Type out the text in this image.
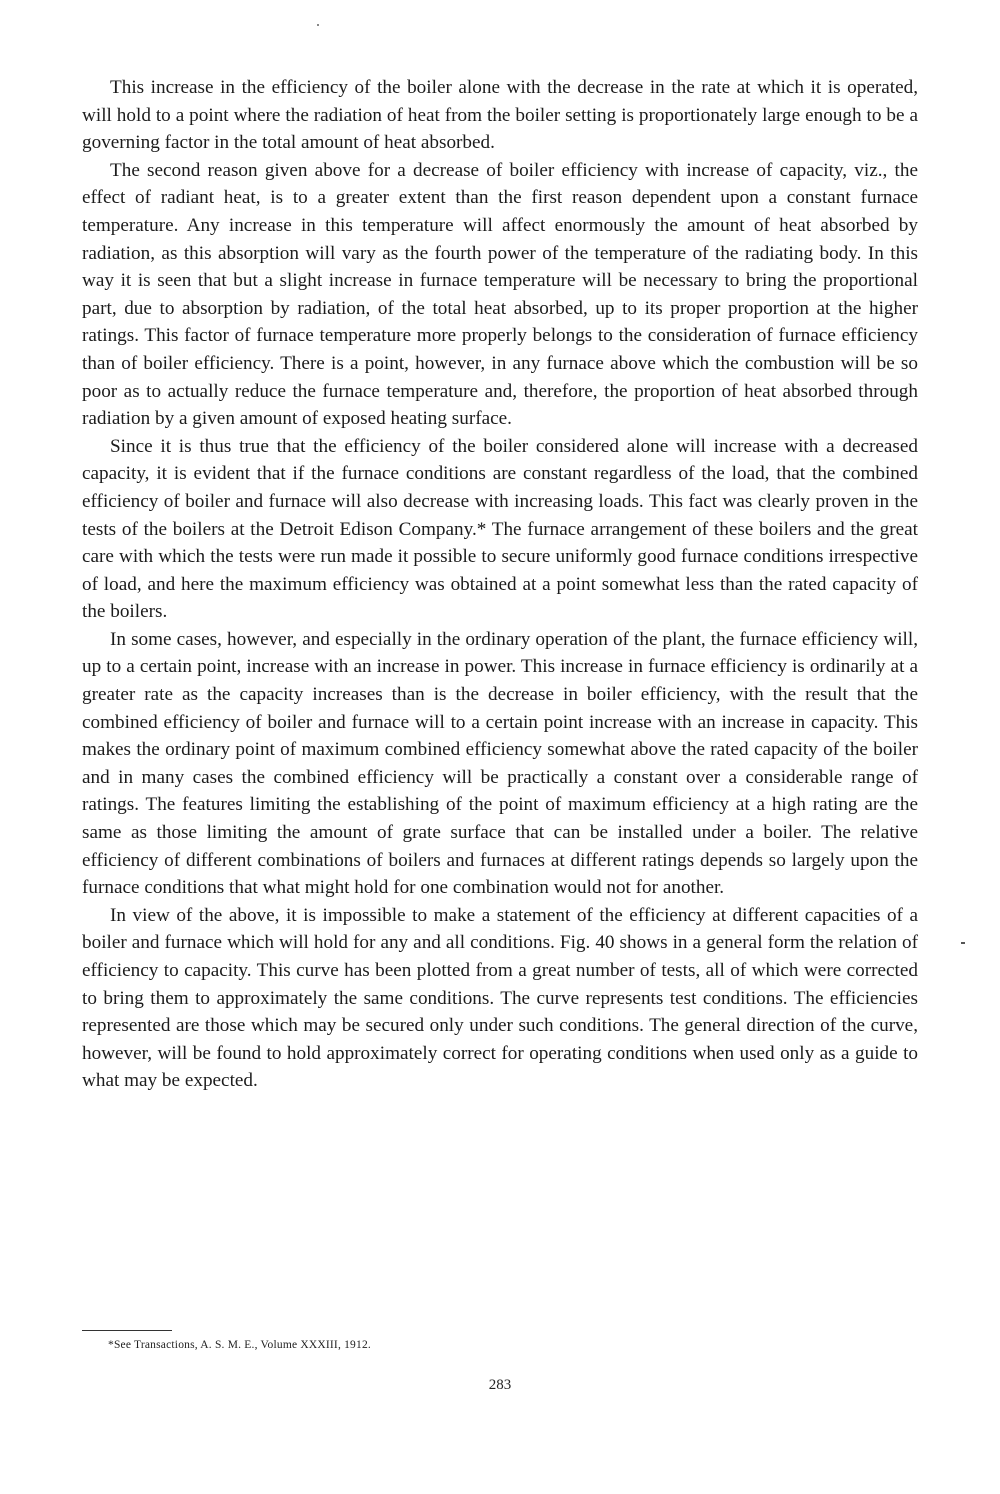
This increase in the efficiency of the boiler alone with the decrease in the rate at which it is operated, will hold to a point where the radiation of heat from the boiler setting is proportionately large enough to be a governing factor in the total amount of heat absorbed.

The second reason given above for a decrease of boiler efficiency with increase of capacity, viz., the effect of radiant heat, is to a greater extent than the first reason dependent upon a constant furnace temperature. Any increase in this temperature will affect enormously the amount of heat absorbed by radiation, as this absorption will vary as the fourth power of the temperature of the radiating body. In this way it is seen that but a slight increase in furnace temperature will be necessary to bring the proportional part, due to absorption by radiation, of the total heat absorbed, up to its proper proportion at the higher ratings. This factor of furnace temperature more properly belongs to the consideration of furnace efficiency than of boiler efficiency. There is a point, however, in any furnace above which the combustion will be so poor as to actually reduce the furnace temperature and, therefore, the proportion of heat absorbed through radiation by a given amount of exposed heating surface.

Since it is thus true that the efficiency of the boiler considered alone will increase with a decreased capacity, it is evident that if the furnace conditions are constant regardless of the load, that the combined efficiency of boiler and furnace will also decrease with increasing loads. This fact was clearly proven in the tests of the boilers at the Detroit Edison Company.* The furnace arrangement of these boilers and the great care with which the tests were run made it possible to secure uniformly good furnace conditions irrespective of load, and here the maximum efficiency was obtained at a point somewhat less than the rated capacity of the boilers.

In some cases, however, and especially in the ordinary operation of the plant, the furnace efficiency will, up to a certain point, increase with an increase in power. This increase in furnace efficiency is ordinarily at a greater rate as the capacity increases than is the decrease in boiler efficiency, with the result that the combined efficiency of boiler and furnace will to a certain point increase with an increase in capacity. This makes the ordinary point of maximum combined efficiency somewhat above the rated capacity of the boiler and in many cases the combined efficiency will be practically a constant over a considerable range of ratings. The features limiting the establishing of the point of maximum efficiency at a high rating are the same as those limiting the amount of grate surface that can be installed under a boiler. The relative efficiency of different combinations of boilers and furnaces at different ratings depends so largely upon the furnace conditions that what might hold for one combination would not for another.

In view of the above, it is impossible to make a statement of the efficiency at different capacities of a boiler and furnace which will hold for any and all conditions. Fig. 40 shows in a general form the relation of efficiency to capacity. This curve has been plotted from a great number of tests, all of which were corrected to bring them to approximately the same conditions. The curve represents test conditions. The efficiencies represented are those which may be secured only under such conditions. The general direction of the curve, however, will be found to hold approximately correct for operating conditions when used only as a guide to what may be expected.

*See Transactions, A. S. M. E., Volume XXXIII, 1912.
283
